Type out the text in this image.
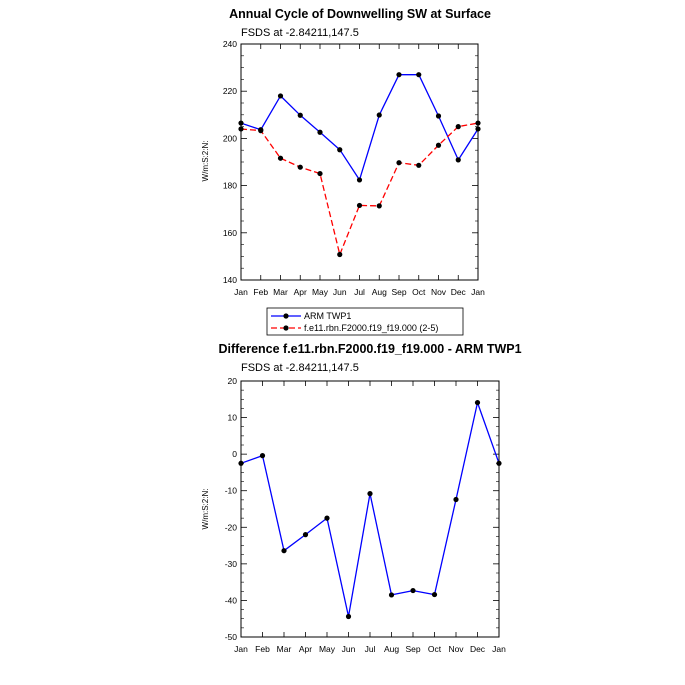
Annual Cycle of Downwelling SW at Surface
FSDS at -2.84211,147.5
W/m:S:2:N:
Jan Feb Mar Apr May Jun Jul Aug Sep Oct Nov Dec Jan
140
160
180
200
220
240
ARM TWP1
f.e11.rbn.F2000.f19_f19.000 (2-5)
Difference f.e11.rbn.F2000.f19_f19.000 - ARM TWP1
FSDS at -2.84211,147.5
W/m:S:2:N:
Jan Feb Mar Apr May Jun Jul Aug Sep Oct Nov Dec Jan
-50
-40
-30
-20
-10
0
10
20
